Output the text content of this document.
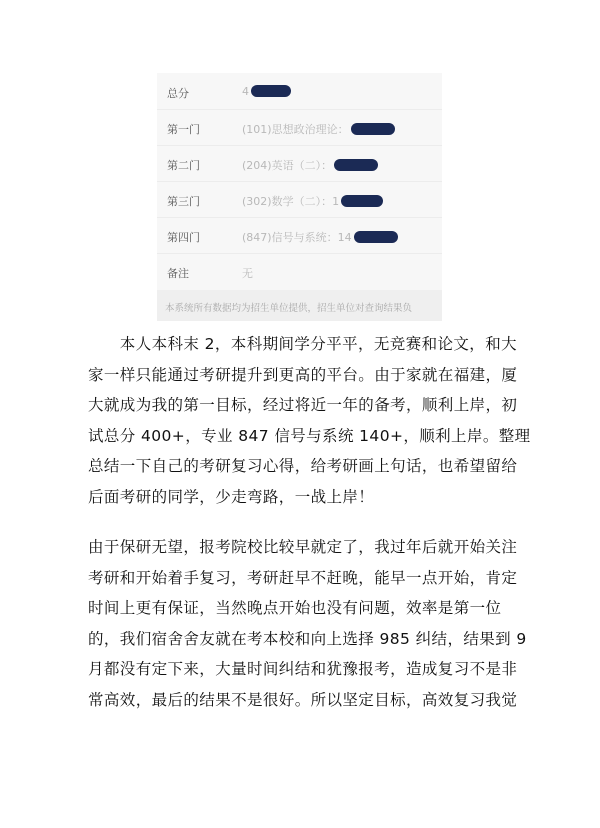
总分	4
第一门	(101)思想政治理论：
第二门	(204)英语（二）：
第三门	(302)数学（二）：1
第四门	(847)信号与系统：14
备注	无
本系统所有数据均为招生单位提供，招生单位对查询结果负

　　本人本科末 2，本科期间学分平平，无竞赛和论文，和大
家一样只能通过考研提升到更高的平台。由于家就在福建，厦
大就成为我的第一目标，经过将近一年的备考，顺利上岸，初
试总分 400+，专业 847 信号与系统 140+，顺利上岸。整理
总结一下自己的考研复习心得，给考研画上句话，也希望留给
后面考研的同学，少走弯路，一战上岸！

由于保研无望，报考院校比较早就定了，我过年后就开始关注
考研和开始着手复习，考研赶早不赶晚，能早一点开始，肯定
时间上更有保证，当然晚点开始也没有问题，效率是第一位
的，我们宿舍舍友就在考本校和向上选择 985 纠结，结果到 9
月都没有定下来，大量时间纠结和犹豫报考，造成复习不是非
常高效，最后的结果不是很好。所以坚定目标，高效复习我觉
